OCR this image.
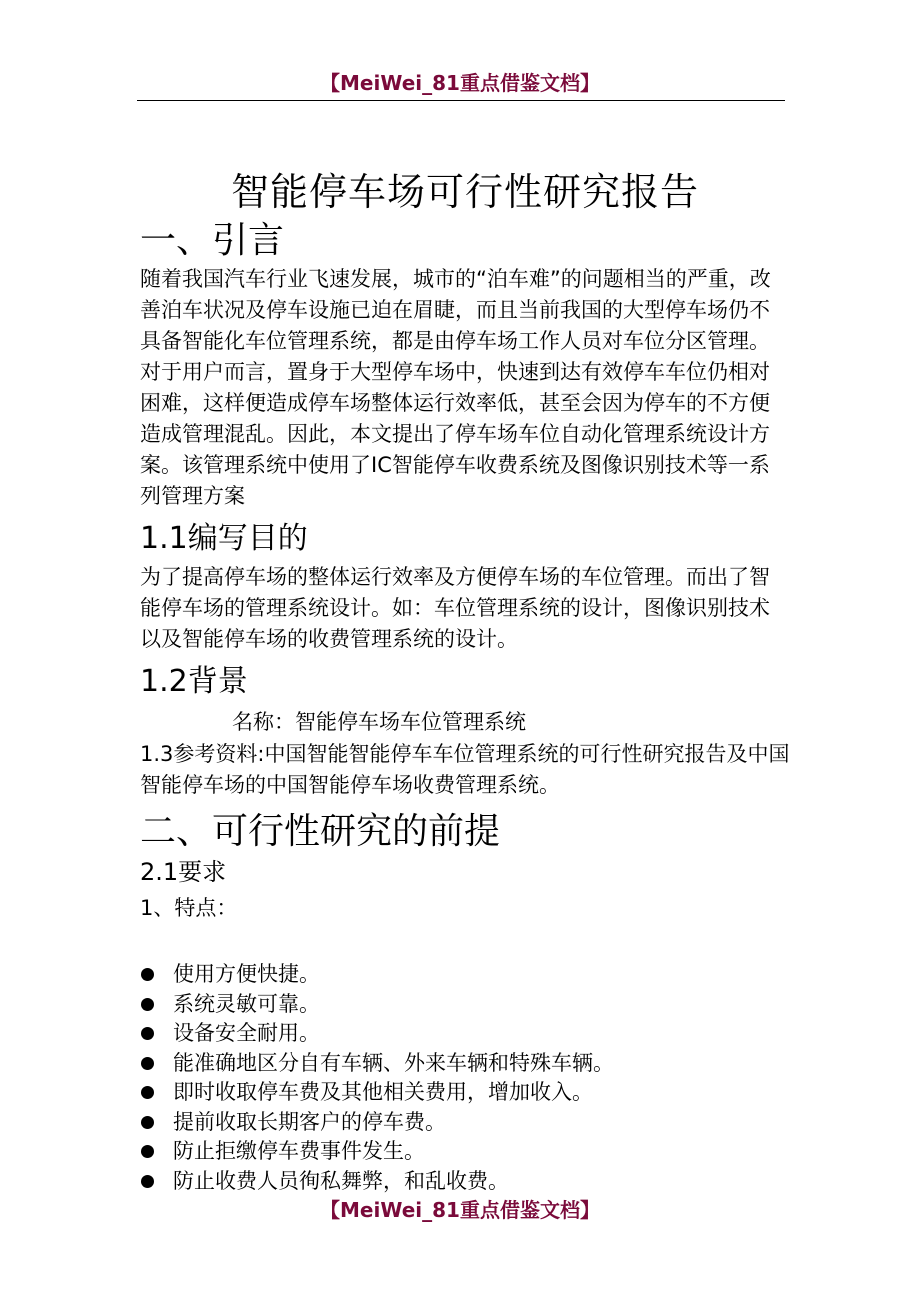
【MeiWei_81重点借鉴文档】
智能停车场可行性研究报告
一、引言

随着我国汽车行业飞速发展，城市的“泊车难”的问题相当的严重，改善泊车状况及停车设施已迫在眉睫，而且当前我国的大型停车场仍不具备智能化车位管理系统，都是由停车场工作人员对车位分区管理。对于用户而言，置身于大型停车场中，快速到达有效停车车位仍相对困难，这样便造成停车场整体运行效率低，甚至会因为停车的不方便造成管理混乱。因此，本文提出了停车场车位自动化管理系统设计方案。该管理系统中使用了IC智能停车收费系统及图像识别技术等一系列管理方案

1.1编写目的

为了提高停车场的整体运行效率及方便停车场的车位管理。而出了智能停车场的管理系统设计。如：车位管理系统的设计，图像识别技术以及智能停车场的收费管理系统的设计。

1.2背景

名称：智能停车场车位管理系统

1.3参考资料:中国智能智能停车车位管理系统的可行性研究报告及中国智能停车场的中国智能停车场收费管理系统。

二、可行性研究的前提
2.1要求

1、特点：

使用方便快捷。
系统灵敏可靠。
设备安全耐用。
能准确地区分自有车辆、外来车辆和特殊车辆。
即时收取停车费及其他相关费用，增加收入。
提前收取长期客户的停车费。
防止拒缴停车费事件发生。
防止收费人员徇私舞弊，和乱收费。
【MeiWei_81重点借鉴文档】
